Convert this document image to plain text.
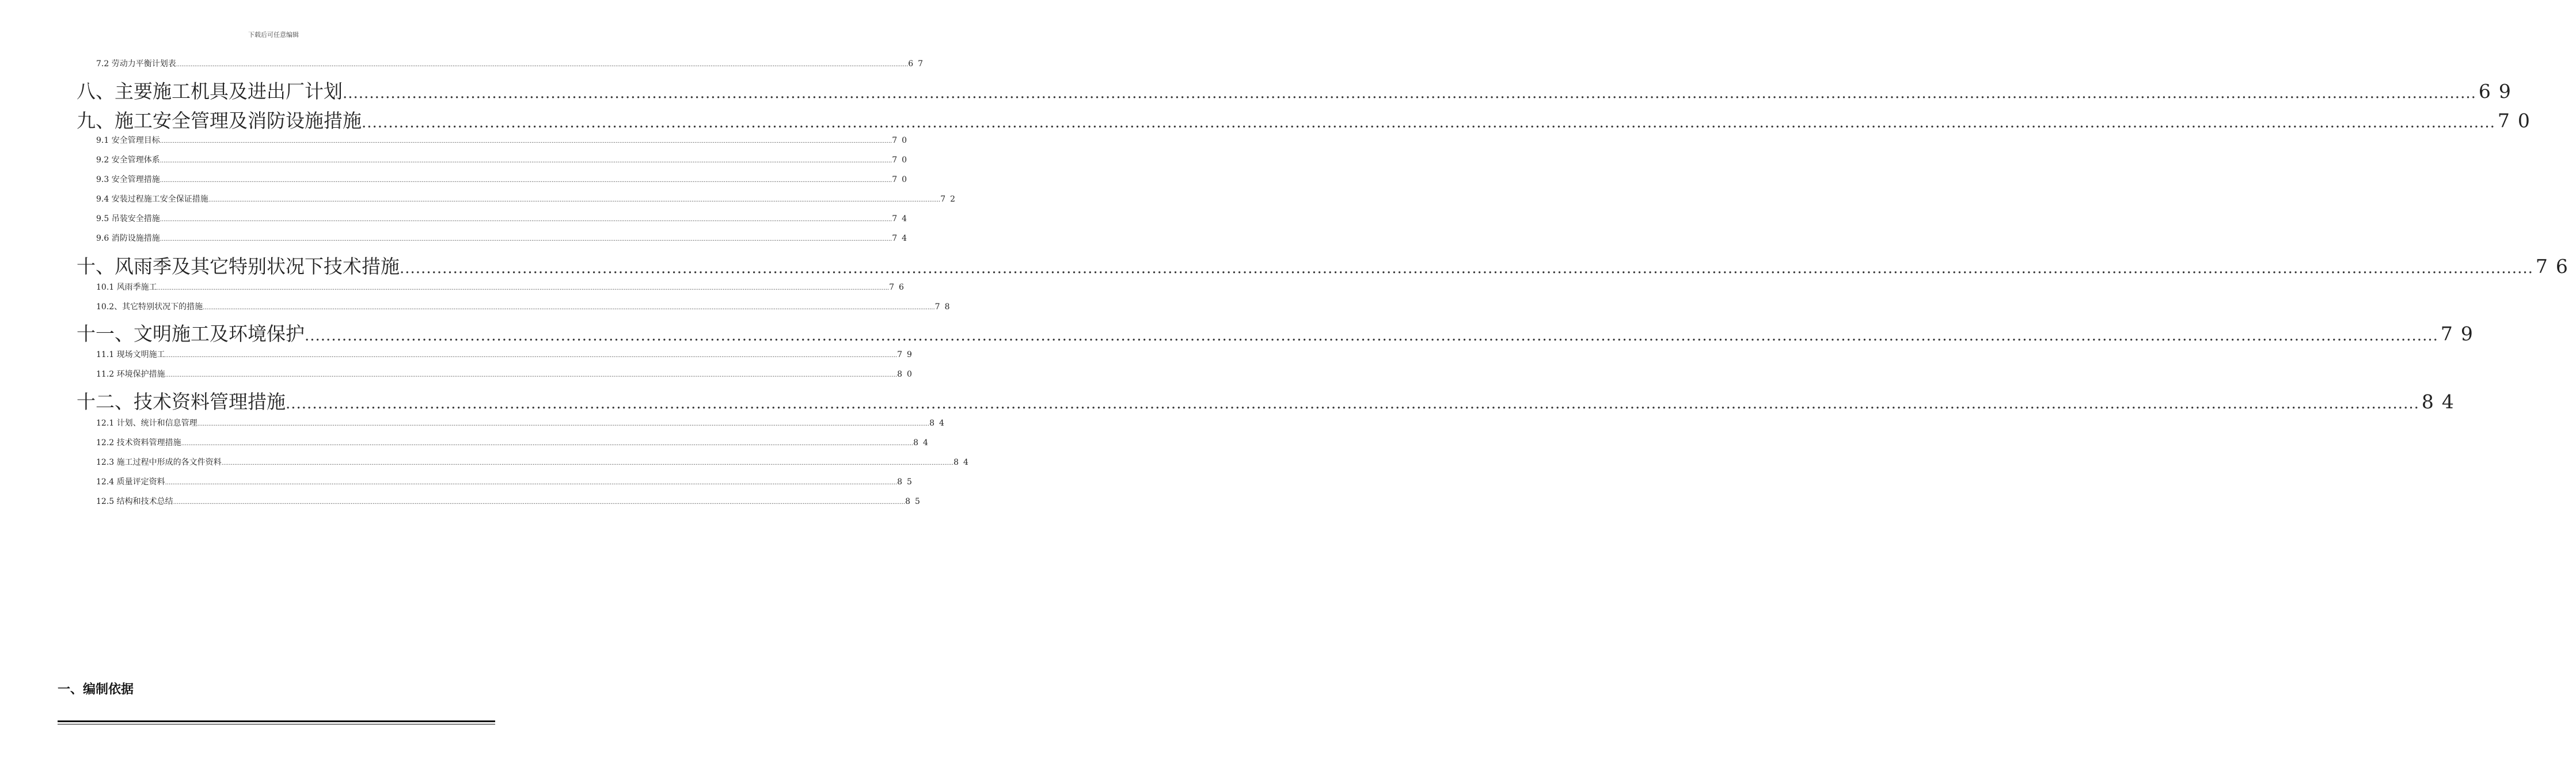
下载后可任意编辑
7.2 劳动力平衡计划表 ................................................................................................................................................................................................................................................................................................................................................................................................................ 67
八、主要施工机具及进出厂计划 ................................................................................................................................................................................................................................................................................................................................................................................................................ 69
九、施工安全管理及消防设施措施 ................................................................................................................................................................................................................................................................................................................................................................................................................ 70
9.1 安全管理目标 ................................................................................................................................................................................................................................................................................................................................................................................................................ 70
9.2 安全管理体系 ................................................................................................................................................................................................................................................................................................................................................................................................................ 70
9.3 安全管理措施 ................................................................................................................................................................................................................................................................................................................................................................................................................ 70
9.4 安装过程施工安全保证措施 ................................................................................................................................................................................................................................................................................................................................................................................................................ 72
9.5 吊装安全措施 ................................................................................................................................................................................................................................................................................................................................................................................................................ 74
9.6 消防设施措施 ................................................................................................................................................................................................................................................................................................................................................................................................................ 74
十、风雨季及其它特别状况下技术措施 ................................................................................................................................................................................................................................................................................................................................................................................................................ 76
10.1 风雨季施工 ................................................................................................................................................................................................................................................................................................................................................................................................................ 76
10.2、其它特别状况下的措施 ................................................................................................................................................................................................................................................................................................................................................................................................................ 78
十一、文明施工及环境保护 ................................................................................................................................................................................................................................................................................................................................................................................................................ 79
11.1 现场文明施工 ................................................................................................................................................................................................................................................................................................................................................................................................................ 79
11.2 环境保护措施 ................................................................................................................................................................................................................................................................................................................................................................................................................ 80
十二、技术资料管理措施 ................................................................................................................................................................................................................................................................................................................................................................................................................ 84
12.1 计划、统计和信息管理 ................................................................................................................................................................................................................................................................................................................................................................................................................ 84
12.2 技术资料管理措施 ................................................................................................................................................................................................................................................................................................................................................................................................................ 84
12.3 施工过程中形成的各文件资料 ................................................................................................................................................................................................................................................................................................................................................................................................................ 84
12.4 质量评定资料 ................................................................................................................................................................................................................................................................................................................................................................................................................ 85
12.5 结构和技术总结 ................................................................................................................................................................................................................................................................................................................................................................................................................ 85
一、编制依据
